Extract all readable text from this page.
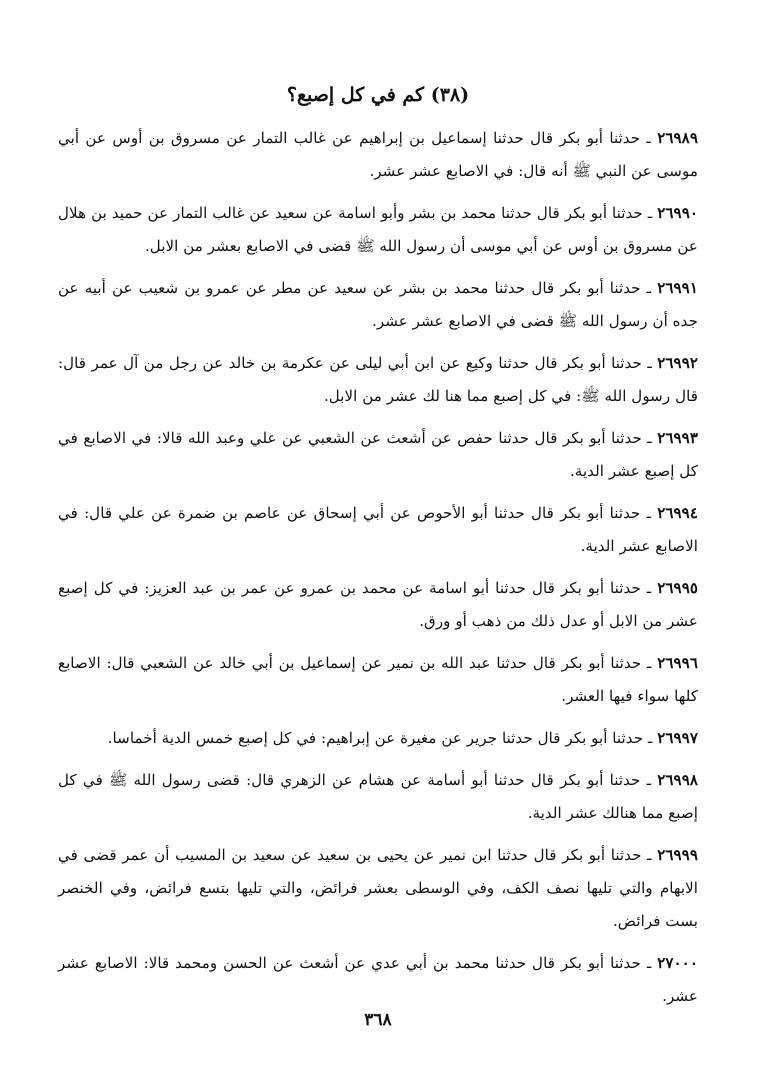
(٣٨) كم في كل إصبع؟
٢٦٩٨٩ ـ حدثنا أبو بكر قال حدثنا إسماعيل بن إبراهيم عن غالب التمار عن مسروق بن أوس عن أبي موسى عن النبي ﷺ أنه قال: في الاصابع عشر عشر.
٢٦٩٩٠ ـ حدثنا أبو بكر قال حدثنا محمد بن بشر وأبو اسامة عن سعيد عن غالب التمار عن حميد بن هلال عن مسروق بن أوس عن أبي موسى أن رسول الله ﷺ قضى في الاصابع بعشر من الابل.
٢٦٩٩١ ـ حدثنا أبو بكر قال حدثنا محمد بن بشر عن سعيد عن مطر عن عمرو بن شعيب عن أبيه عن جده أن رسول الله ﷺ قضى في الاصابع عشر عشر.
٢٦٩٩٢ ـ حدثنا أبو بكر قال حدثنا وكيع عن ابن أبي ليلى عن عكرمة بن خالد عن رجل من آل عمر قال: قال رسول الله ﷺ: في كل إصبع مما هنا لك عشر من الابل.
٢٦٩٩٣ ـ حدثنا أبو بكر قال حدثنا حفص عن أشعث عن الشعبي عن علي وعبد الله قالا: في الاصابع في كل إصبع عشر الدية.
٢٦٩٩٤ ـ حدثنا أبو بكر قال حدثنا أبو الأحوص عن أبي إسحاق عن عاصم بن ضمرة عن علي قال: في الاصابع عشر الدية.
٢٦٩٩٥ ـ حدثنا أبو بكر قال حدثنا أبو اسامة عن محمد بن عمرو عن عمر بن عبد العزيز: في كل إصبع عشر من الابل أو عدل ذلك من ذهب أو ورق.
٢٦٩٩٦ ـ حدثنا أبو بكر قال حدثنا عبد الله بن نمير عن إسماعيل بن أبي خالد عن الشعبي قال: الاصابع كلها سواء فيها العشر.
٢٦٩٩٧ ـ حدثنا أبو بكر قال حدثنا جرير عن مغيرة عن إبراهيم: في كل إصبع خمس الدية أخماسا.
٢٦٩٩٨ ـ حدثنا أبو بكر قال حدثنا أبو أسامة عن هشام عن الزهري قال: قضى رسول الله ﷺ في كل إصبع مما هنالك عشر الدية.
٢٦٩٩٩ ـ حدثنا أبو بكر قال حدثنا ابن نمير عن يحيى بن سعيد عن سعيد بن المسيب أن عمر قضى في الابهام والتي تليها نصف الكف، وفي الوسطى بعشر فرائض، والتي تليها بتسع فرائض، وفي الخنصر بست فرائض.
٢٧٠٠٠ ـ حدثنا أبو بكر قال حدثنا محمد بن أبي عدي عن أشعث عن الحسن ومحمد قالا: الاصابع عشر عشر.
٣٦٨
